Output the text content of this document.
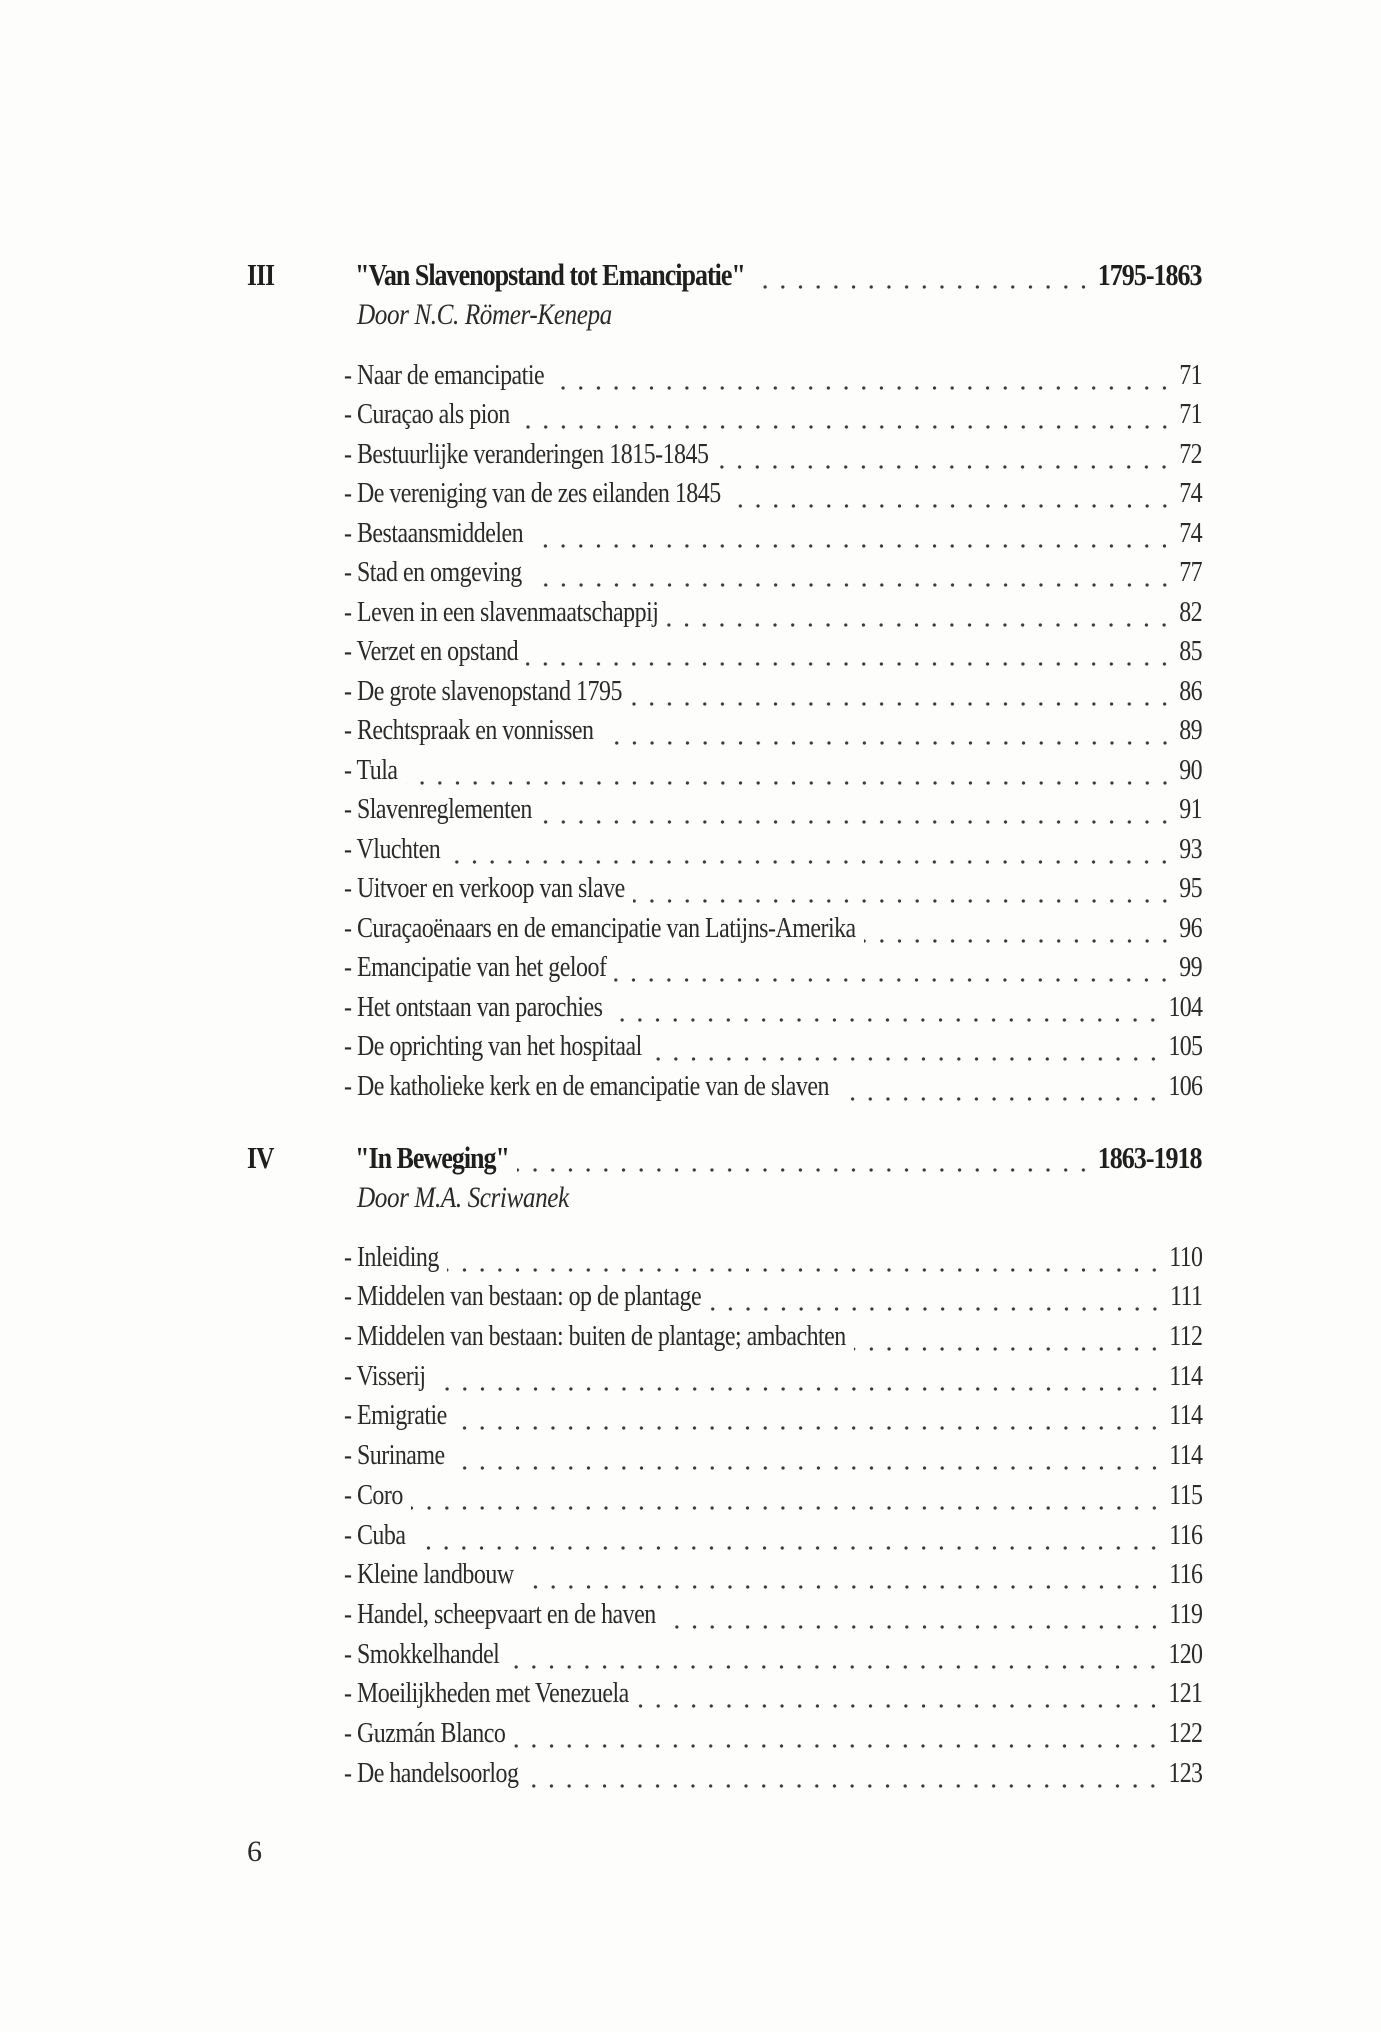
III	"Van Slavenopstand tot Emancipatie"	1795-1863
Door N.C. Römer-Kenepa
- Naar de emancipatie	71
- Curaçao als pion	71
- Bestuurlijke veranderingen 1815-1845	72
- De vereniging van de zes eilanden 1845	74
- Bestaansmiddelen	74
- Stad en omgeving	77
- Leven in een slavenmaatschappij	82
- Verzet en opstand	85
- De grote slavenopstand 1795	86
- Rechtspraak en vonnissen	89
- Tula	90
- Slavenreglementen	91
- Vluchten	93
- Uitvoer en verkoop van slave	95
- Curaçaoënaars en de emancipatie van Latijns-Amerika	96
- Emancipatie van het geloof	99
- Het ontstaan van parochies	104
- De oprichting van het hospitaal	105
- De katholieke kerk en de emancipatie van de slaven	106
IV	"In Beweging"	1863-1918
Door M.A. Scriwanek
- Inleiding	110
- Middelen van bestaan: op de plantage	111
- Middelen van bestaan: buiten de plantage; ambachten	112
- Visserij	114
- Emigratie	114
- Suriname	114
- Coro	115
- Cuba	116
- Kleine landbouw	116
- Handel, scheepvaart en de haven	119
- Smokkelhandel	120
- Moeilijkheden met Venezuela	121
- Guzmán Blanco	122
- De handelsoorlog	123
6
